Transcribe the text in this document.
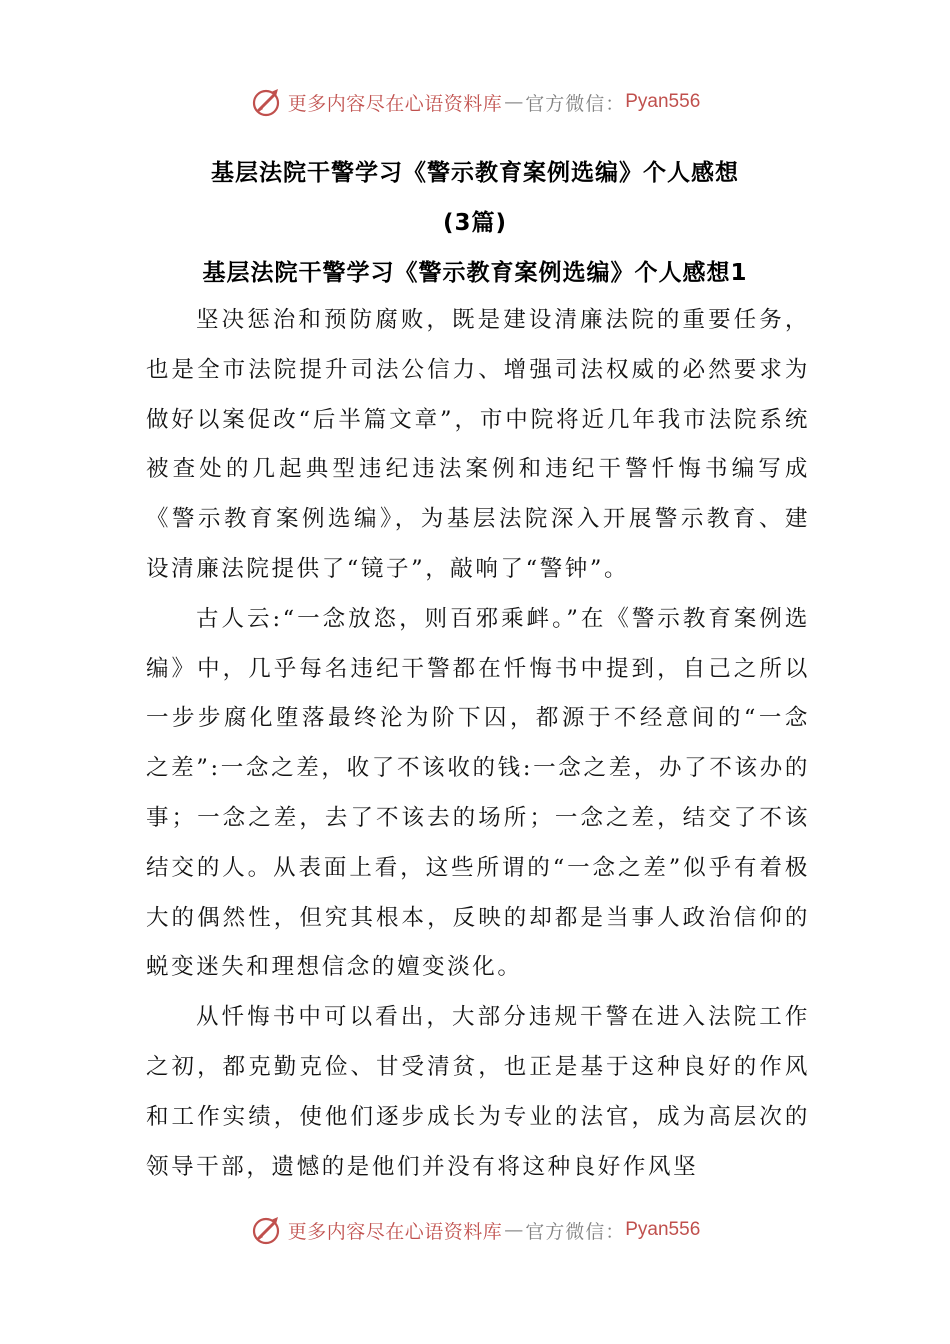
更多内容尽在心语资料库 — 官方微信： Pyan556
基层法院干警学习《警示教育案例选编》个人感想
(3篇)
基层法院干警学习《警示教育案例选编》个人感想1

坚决惩治和预防腐败，既是建设清廉法院的重要任务，也是全市法院提升司法公信力、增强司法权威的必然要求为做好以案促改“后半篇文章”，市中院将近几年我市法院系统被查处的几起典型违纪违法案例和违纪干警忏悔书编写成《警示教育案例选编》，为基层法院深入开展警示教育、建设清廉法院提供了“镜子”，敲响了“警钟”。

古人云:“一念放恣，则百邪乘衅。”在《警示教育案例选编》中，几乎每名违纪干警都在忏悔书中提到，自己之所以一步步腐化堕落最终沦为阶下囚，都源于不经意间的“一念之差”:一念之差，收了不该收的钱:一念之差，办了不该办的事；一念之差，去了不该去的场所；一念之差，结交了不该结交的人。从表面上看，这些所谓的“一念之差”似乎有着极大的偶然性，但究其根本，反映的却都是当事人政治信仰的蜕变迷失和理想信念的嬗变淡化。

从忏悔书中可以看出，大部分违规干警在进入法院工作之初，都克勤克俭、甘受清贫，也正是基于这种良好的作风和工作实绩，使他们逐步成长为专业的法官，成为高层次的领导干部，遗憾的是他们并没有将这种良好作风坚

更多内容尽在心语资料库 — 官方微信： Pyan556
